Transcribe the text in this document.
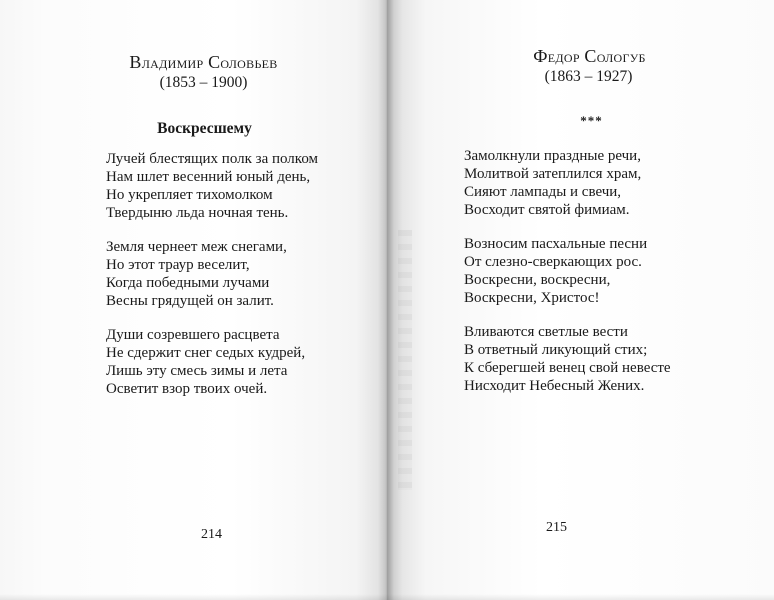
Владимир Соловьев
(1853 – 1900)
Воскресшему
Лучей блестящих полк за полком
Нам шлет весенний юный день,
Но укрепляет тихомолком
Твердыню льда ночная тень.
Земля чернеет меж снегами,
Но этот траур веселит,
Когда победными лучами
Весны грядущей он залит.
Души созревшего расцвета
Не сдержит снег седых кудрей,
Лишь эту смесь зимы и лета
Осветит взор твоих очей.
214
Федор Сологуб
(1863 – 1927)
***
Замолкнули праздные речи,
Молитвой затеплился храм,
Сияют лампады и свечи,
Восходит святой фимиам.
Возносим пасхальные песни
От слезно-сверкающих рос.
Воскресни, воскресни,
Воскресни, Христос!
Вливаются светлые вести
В ответный ликующий стих;
К сберегшей венец свой невесте
Нисходит Небесный Жених.
215
